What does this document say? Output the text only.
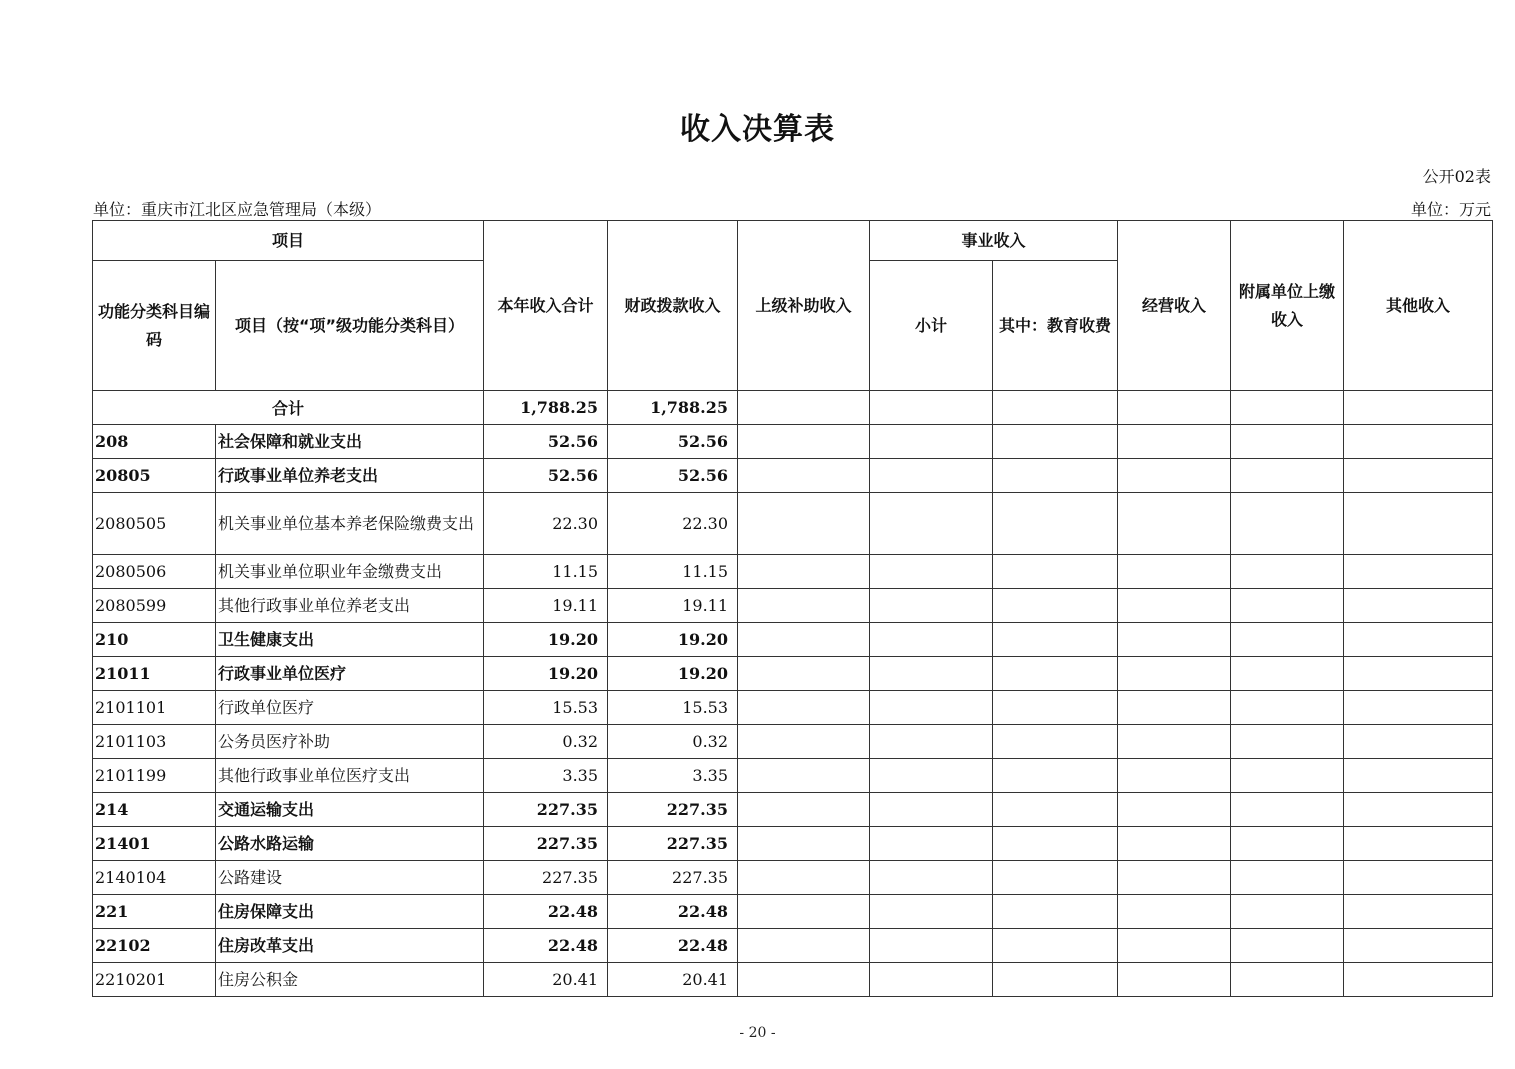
收入决算表
公开02表
单位：重庆市江北区应急管理局（本级）	单位：万元
项目		本年收入合计	财政拨款收入	上级补助收入	事业收入		经营收入	附属单位上缴收入	其他收入
功能分类科目编码	项目（按“项”级功能分类科目）				小计	其中：教育收费			
合计		1,788.25	1,788.25						
208	社会保障和就业支出	52.56	52.56						
20805	行政事业单位养老支出	52.56	52.56						
2080505	机关事业单位基本养老保险缴费支出	22.30	22.30						
2080506	机关事业单位职业年金缴费支出	11.15	11.15						
2080599	其他行政事业单位养老支出	19.11	19.11						
210	卫生健康支出	19.20	19.20						
21011	行政事业单位医疗	19.20	19.20						
2101101	行政单位医疗	15.53	15.53						
2101103	公务员医疗补助	0.32	0.32						
2101199	其他行政事业单位医疗支出	3.35	3.35						
214	交通运输支出	227.35	227.35						
21401	公路水路运输	227.35	227.35						
2140104	公路建设	227.35	227.35						
221	住房保障支出	22.48	22.48						
22102	住房改革支出	22.48	22.48						
2210201	住房公积金	20.41	20.41						
- 20 -
